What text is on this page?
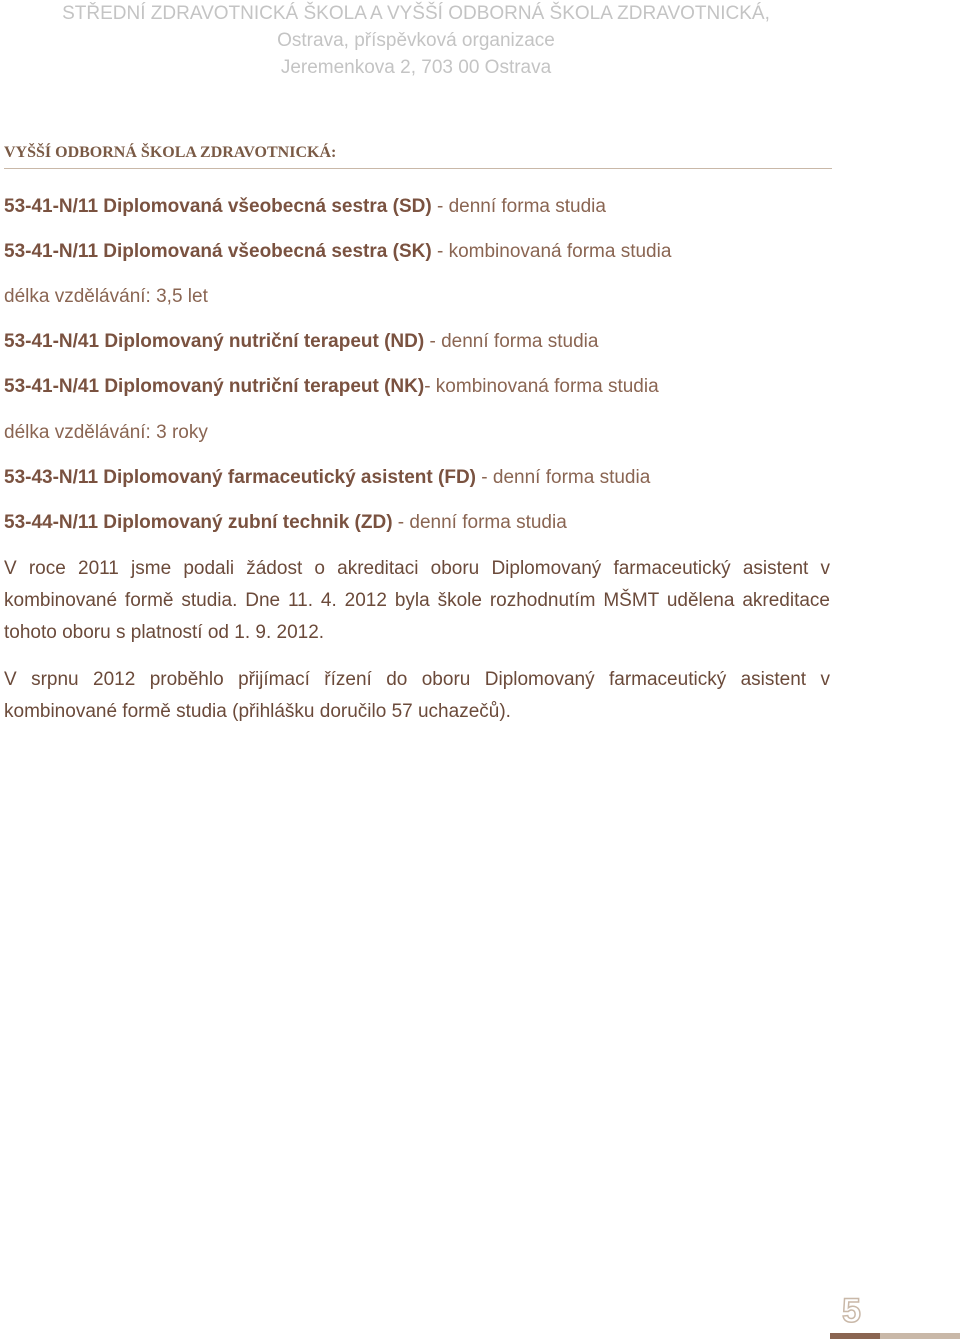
STŘEDNÍ ZDRAVOTNICKÁ ŠKOLA A VYŠŠÍ ODBORNÁ ŠKOLA ZDRAVOTNICKÁ,
Ostrava, příspěvková organizace
Jeremenkova 2, 703 00 Ostrava
VYŠŠÍ ODBORNÁ ŠKOLA ZDRAVOTNICKÁ:
53-41-N/11 Diplomovaná všeobecná sestra (SD) - denní forma studia
53-41-N/11 Diplomovaná všeobecná sestra (SK) - kombinovaná forma studia
délka vzdělávání: 3,5 let
53-41-N/41 Diplomovaný nutriční terapeut (ND) - denní forma studia
53-41-N/41 Diplomovaný nutriční terapeut (NK)- kombinovaná forma studia
délka vzdělávání: 3 roky
53-43-N/11 Diplomovaný farmaceutický asistent (FD) - denní forma studia
53-44-N/11 Diplomovaný zubní technik (ZD) - denní forma studia
V roce 2011 jsme podali žádost o akreditaci oboru Diplomovaný farmaceutický asistent v kombinované formě studia. Dne 11. 4. 2012 byla škole rozhodnutím MŠMT udělena akreditace tohoto oboru s platností od 1. 9. 2012.
V srpnu 2012 proběhlo přijímací řízení do oboru Diplomovaný farmaceutický asistent v kombinované formě studia (přihlášku doručilo 57 uchazečů).
5
